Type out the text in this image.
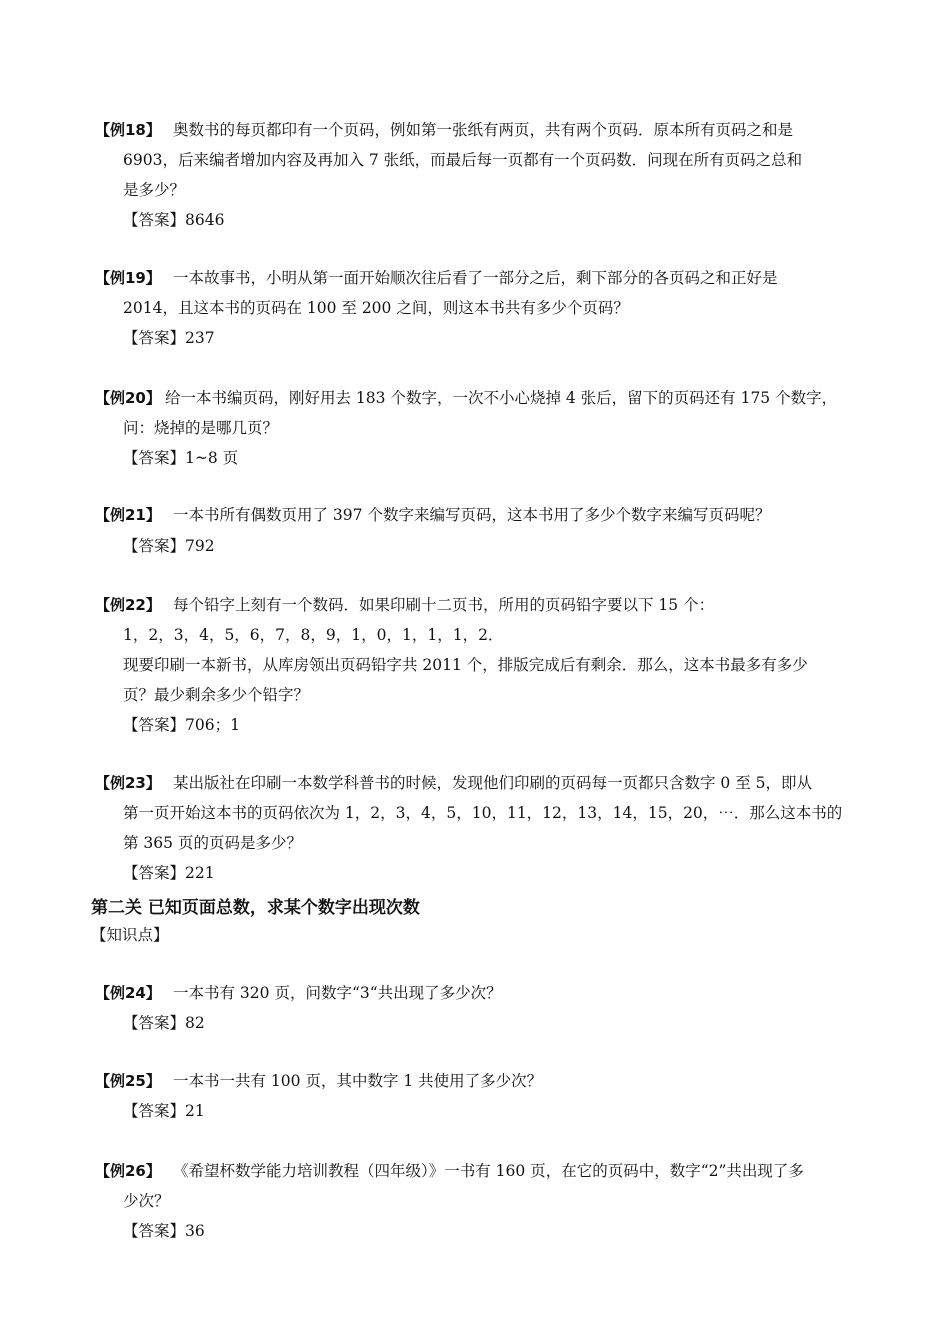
【例18】 奥数书的每页都印有一个页码，例如第一张纸有两页，共有两个页码．原本所有页码之和是
6903，后来编者增加内容及再加入 7 张纸，而最后每一页都有一个页码数．问现在所有页码之总和
是多少？
【答案】8646
【例19】 一本故事书，小明从第一面开始顺次往后看了一部分之后，剩下部分的各页码之和正好是
2014，且这本书的页码在 100 至 200 之间，则这本书共有多少个页码？
【答案】237
【例20】 给一本书编页码，刚好用去 183 个数字，一次不小心烧掉 4 张后，留下的页码还有 175 个数字，
问：烧掉的是哪几页？
【答案】1~8 页
【例21】 一本书所有偶数页用了 397 个数字来编写页码，这本书用了多少个数字来编写页码呢？
【答案】792
【例22】 每个铅字上刻有一个数码．如果印刷十二页书，所用的页码铅字要以下 15 个：
1，2，3，4，5，6，7，8，9，1，0，1，1，1，2．
现要印刷一本新书，从库房领出页码铅字共 2011 个，排版完成后有剩余．那么，这本书最多有多少
页？最少剩余多少个铅字？
【答案】706；1
【例23】 某出版社在印刷一本数学科普书的时候，发现他们印刷的页码每一页都只含数字 0 至 5，即从
第一页开始这本书的页码依次为 1，2，3，4，5，10，11，12，13，14，15，20，⋯．那么这本书的
第 365 页的页码是多少？
【答案】221
第二关 已知页面总数，求某个数字出现次数
【知识点】
【例24】 一本书有 320 页，问数字“3“共出现了多少次？
【答案】82
【例25】 一本书一共有 100 页，其中数字 1 共使用了多少次？
【答案】21
【例26】 《希望杯数学能力培训教程（四年级）》一书有 160 页，在它的页码中，数字“2”共出现了多
少次？
【答案】36
